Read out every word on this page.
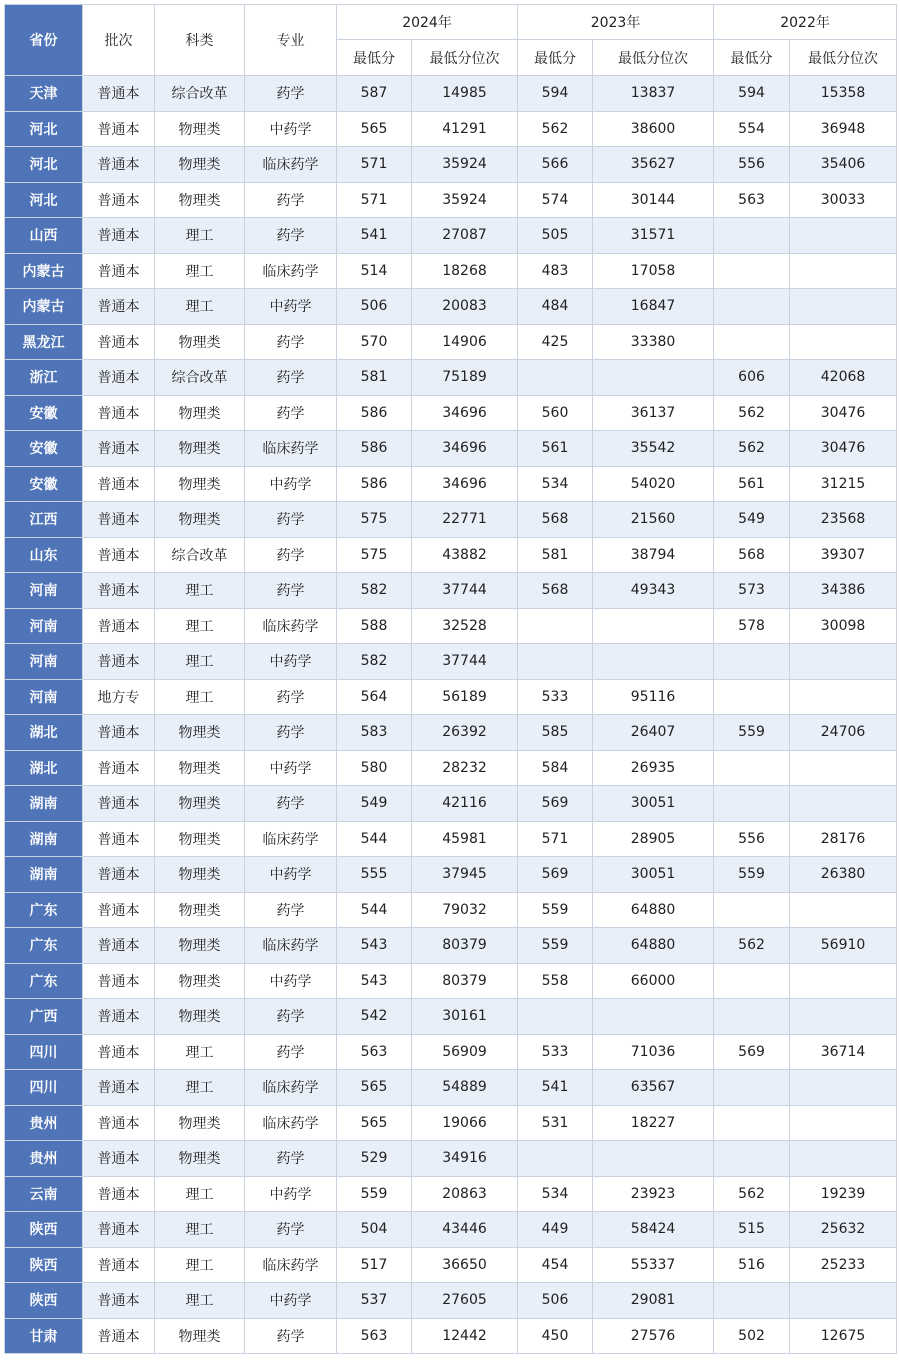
省份	批次	科类	专业	2024年		2023年		2022年	
				最低分	最低分位次	最低分	最低分位次	最低分	最低分位次
天津	普通本	综合改革	药学	587	14985	594	13837	594	15358
河北	普通本	物理类	中药学	565	41291	562	38600	554	36948
河北	普通本	物理类	临床药学	571	35924	566	35627	556	35406
河北	普通本	物理类	药学	571	35924	574	30144	563	30033
山西	普通本	理工	药学	541	27087	505	31571		
内蒙古	普通本	理工	临床药学	514	18268	483	17058		
内蒙古	普通本	理工	中药学	506	20083	484	16847		
黑龙江	普通本	物理类	药学	570	14906	425	33380		
浙江	普通本	综合改革	药学	581	75189			606	42068
安徽	普通本	物理类	药学	586	34696	560	36137	562	30476
安徽	普通本	物理类	临床药学	586	34696	561	35542	562	30476
安徽	普通本	物理类	中药学	586	34696	534	54020	561	31215
江西	普通本	物理类	药学	575	22771	568	21560	549	23568
山东	普通本	综合改革	药学	575	43882	581	38794	568	39307
河南	普通本	理工	药学	582	37744	568	49343	573	34386
河南	普通本	理工	临床药学	588	32528			578	30098
河南	普通本	理工	中药学	582	37744				
河南	地方专	理工	药学	564	56189	533	95116		
湖北	普通本	物理类	药学	583	26392	585	26407	559	24706
湖北	普通本	物理类	中药学	580	28232	584	26935		
湖南	普通本	物理类	药学	549	42116	569	30051		
湖南	普通本	物理类	临床药学	544	45981	571	28905	556	28176
湖南	普通本	物理类	中药学	555	37945	569	30051	559	26380
广东	普通本	物理类	药学	544	79032	559	64880		
广东	普通本	物理类	临床药学	543	80379	559	64880	562	56910
广东	普通本	物理类	中药学	543	80379	558	66000		
广西	普通本	物理类	药学	542	30161				
四川	普通本	理工	药学	563	56909	533	71036	569	36714
四川	普通本	理工	临床药学	565	54889	541	63567		
贵州	普通本	物理类	临床药学	565	19066	531	18227		
贵州	普通本	物理类	药学	529	34916				
云南	普通本	理工	中药学	559	20863	534	23923	562	19239
陕西	普通本	理工	药学	504	43446	449	58424	515	25632
陕西	普通本	理工	临床药学	517	36650	454	55337	516	25233
陕西	普通本	理工	中药学	537	27605	506	29081		
甘肃	普通本	物理类	药学	563	12442	450	27576	502	12675
